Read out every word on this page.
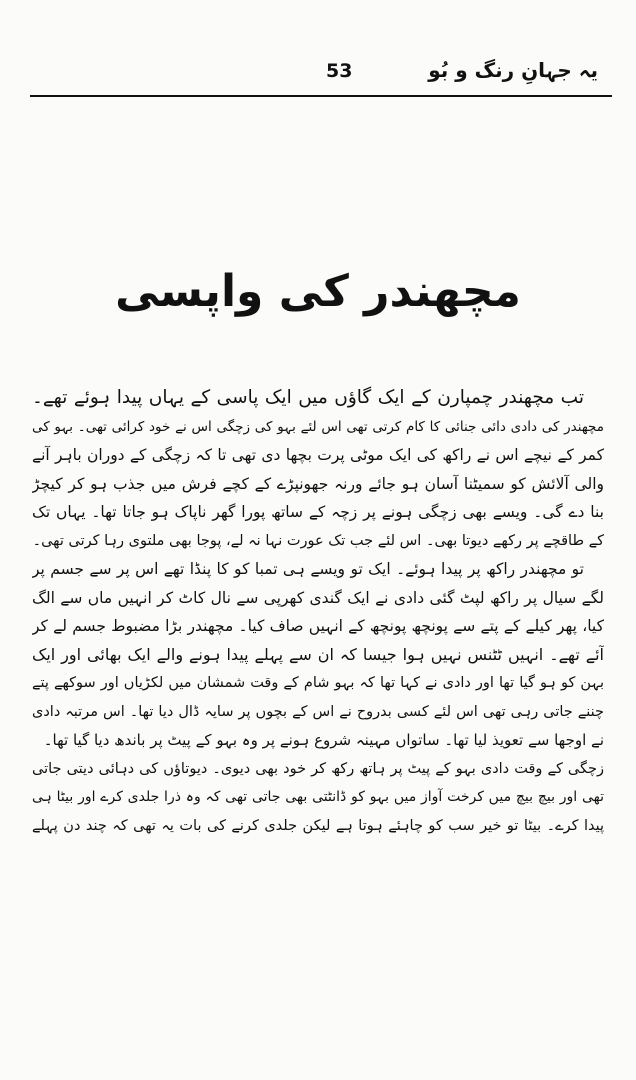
53	یہ جہانِ رنگ و بُو
مچھندر کی واپسی
تب مچھندر چمپارن کے ایک گاؤں میں ایک پاسی کے یہاں پیدا ہوئے تھے۔
مچھندر کی دادی دائی جنائی کا کام کرتی تھی اس لئے بہو کی زچگی اس نے خود کرائی تھی۔ بہو کی
کمر کے نیچے اس نے راکھ کی ایک موٹی پرت بچھا دی تھی تا کہ زچگی کے دوران باہر آنے
والی آلائش کو سمیٹنا آسان ہو جائے ورنہ جھونپڑے کے کچے فرش میں جذب ہو کر کیچڑ
بنا دے گی۔ ویسے بھی زچگی ہونے پر زچہ کے ساتھ پورا گھر ناپاک ہو جاتا تھا۔ یہاں تک
کے طاقچے پر رکھے دیوتا بھی۔ اس لئے جب تک عورت نہا نہ لے، پوجا بھی ملتوی رہا کرتی تھی۔
تو مچھندر راکھ پر پیدا ہوئے۔ ایک تو ویسے ہی تمبا کو کا پنڈا تھے اس پر سے جسم پر
لگے سیال پر راکھ لپٹ گئی دادی نے ایک گندی کھرپی سے نال کاٹ کر انہیں ماں سے الگ
کیا، پھر کیلے کے پتے سے پونچھ پونچھ کے انہیں صاف کیا۔ مچھندر بڑا مضبوط جسم لے کر
آئے تھے۔ انہیں ٹٹنس نہیں ہوا جیسا کہ ان سے پہلے پیدا ہونے والے ایک بھائی اور ایک
بہن کو ہو گیا تھا اور دادی نے کہا تھا کہ بہو شام کے وقت شمشان میں لکڑیاں اور سوکھے پتے
چننے جاتی رہی تھی اس لئے کسی بدروح نے اس کے بچوں پر سایہ ڈال دیا تھا۔ اس مرتبہ دادی
نے اوجھا سے تعویذ لیا تھا۔ ساتواں مہینہ شروع ہونے پر وہ بہو کے پیٹ پر باندھ دیا گیا تھا۔
زچگی کے وقت دادی بہو کے پیٹ پر ہاتھ رکھ کر خود بھی دیوی۔ دیوتاؤں کی دہائی دیتی جاتی
تھی اور بیچ بیچ میں کرخت آواز میں بہو کو ڈانٹتی بھی جاتی تھی کہ وہ ذرا جلدی کرے اور بیٹا ہی
پیدا کرے۔ بیٹا تو خیر سب کو چاہئے ہوتا ہے لیکن جلدی کرنے کی بات یہ تھی کہ چند دن پہلے
